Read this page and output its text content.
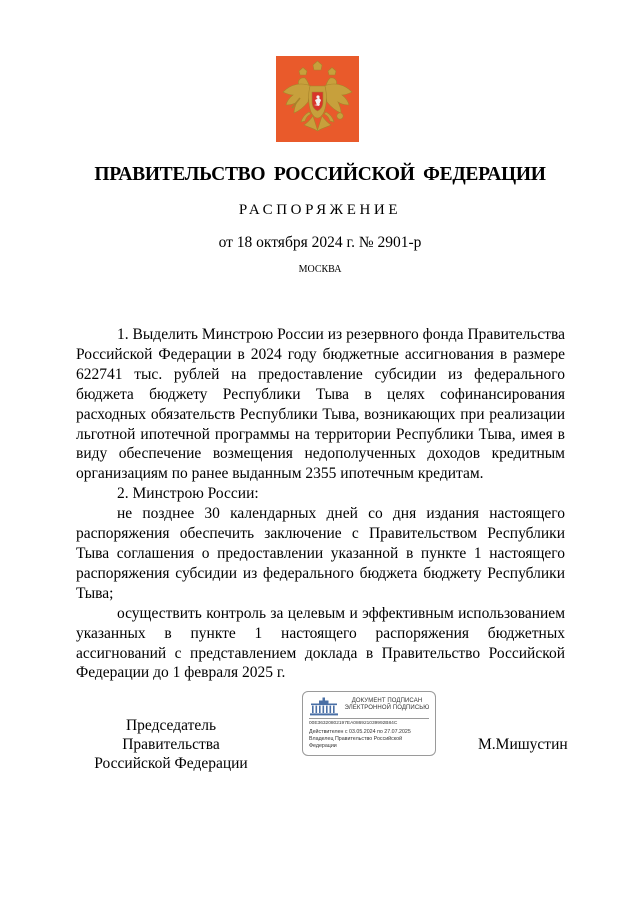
ПРАВИТЕЛЬСТВО РОССИЙСКОЙ ФЕДЕРАЦИИ
РАСПОРЯЖЕНИЕ
от 18 октября 2024 г. № 2901-р
МОСКВА

1. Выделить Минстрою России из резервного фонда Правительства Российской Федерации в 2024 году бюджетные ассигнования в размере 622741 тыс. рублей на предоставление субсидии из федерального бюджета бюджету Республики Тыва в целях софинансирования расходных обязательств Республики Тыва, возникающих при реализации льготной ипотечной программы на территории Республики Тыва, имея в виду обеспечение возмещения недополученных доходов кредитным организациям по ранее выданным 2355 ипотечным кредитам.

2. Минстрою России:

не позднее 30 календарных дней со дня издания настоящего распоряжения обеспечить заключение с Правительством Республики Тыва соглашения о предоставлении указанной в пункте 1 настоящего распоряжения субсидии из федерального бюджета бюджету Республики Тыва;

осуществить контроль за целевым и эффективным использованием указанных в пункте 1 настоящего распоряжения бюджетных ассигнований с представлением доклада в Правительство Российской Федерации до 1 февраля 2025 г.

Председатель Правительства
Российской Федерации
ДОКУМЕНТ ПОДПИСАН
ЭЛЕКТРОННОЙ ПОДПИСЬЮ
00E36320802197EA086921039992B84C
Действителен с 03.05.2024 по 27.07.2025
Владелец Правительство Российской Федерации	М.Мишустин
